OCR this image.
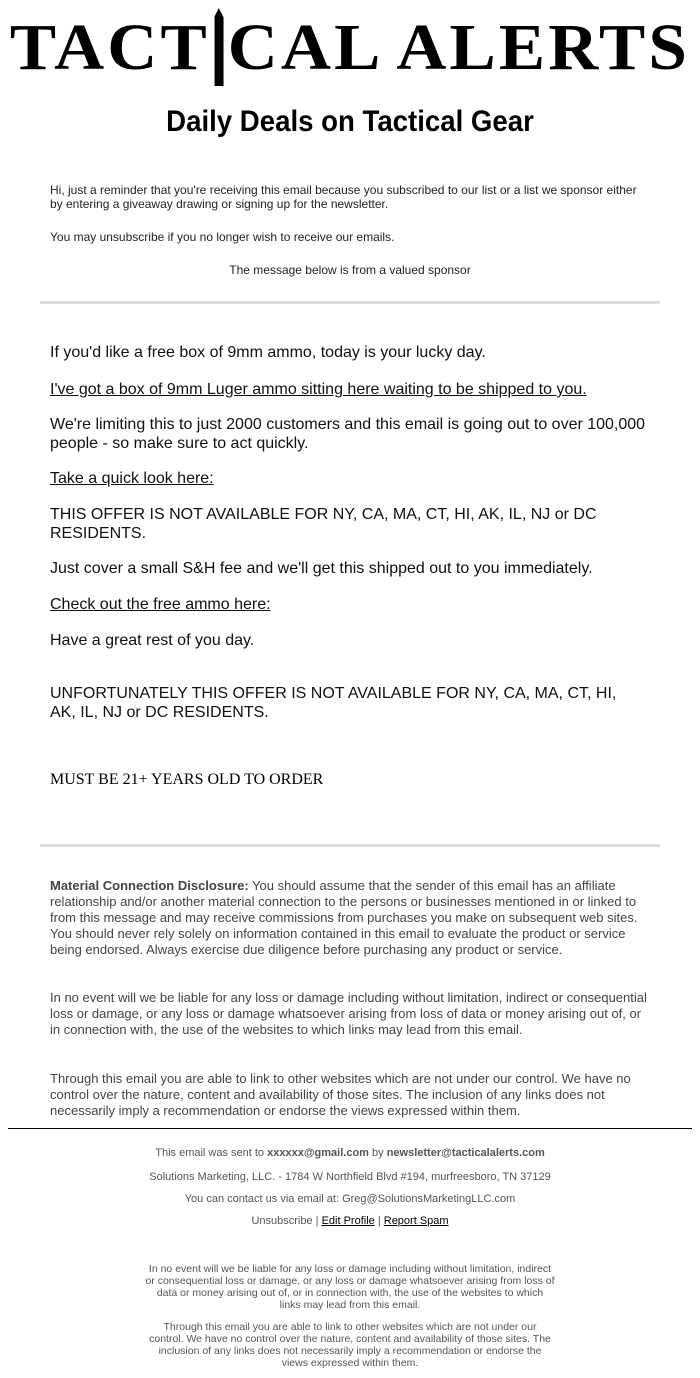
TACT CAL ALERTS
Daily Deals on Tactical Gear
Hi, just a reminder that you're receiving this email because you subscribed to our list or a list we sponsor either by entering a giveaway drawing or signing up for the newsletter.
You may unsubscribe if you no longer wish to receive our emails.
The message below is from a valued sponsor
If you'd like a free box of 9mm ammo, today is your lucky day.
I've got a box of 9mm Luger ammo sitting here waiting to be shipped to you.
We're limiting this to just 2000 customers and this email is going out to over 100,000 people - so make sure to act quickly.
Take a quick look here:
THIS OFFER IS NOT AVAILABLE FOR NY, CA, MA, CT, HI, AK, IL, NJ or DC RESIDENTS.
Just cover a small S&H fee and we'll get this shipped out to you immediately.
Check out the free ammo here:
Have a great rest of you day.
UNFORTUNATELY THIS OFFER IS NOT AVAILABLE FOR NY, CA, MA, CT, HI, AK, IL, NJ or DC RESIDENTS.
MUST BE 21+ YEARS OLD TO ORDER
Material Connection Disclosure: You should assume that the sender of this email has an affiliate relationship and/or another material connection to the persons or businesses mentioned in or linked to from this message and may receive commissions from purchases you make on subsequent web sites. You should never rely solely on information contained in this email to evaluate the product or service being endorsed. Always exercise due diligence before purchasing any product or service.
In no event will we be liable for any loss or damage including without limitation, indirect or consequential loss or damage, or any loss or damage whatsoever arising from loss of data or money arising out of, or in connection with, the use of the websites to which links may lead from this email.
Through this email you are able to link to other websites which are not under our control. We have no control over the nature, content and availability of those sites. The inclusion of any links does not necessarily imply a recommendation or endorse the views expressed within them.
This email was sent to xxxxxx@gmail.com by newsletter@tacticalalerts.com
Solutions Marketing, LLC. - 1784 W Northfield Blvd #194, murfreesboro, TN 37129
You can contact us via email at: Greg@SolutionsMarketingLLC.com
Unsubscribe | Edit Profile | Report Spam
In no event will we be liable for any loss or damage including without limitation, indirect or consequential loss or damage, or any loss or damage whatsoever arising from loss of data or money arising out of, or in connection with, the use of the websites to which links may lead from this email.
Through this email you are able to link to other websites which are not under our control. We have no control over the nature, content and availability of those sites. The inclusion of any links does not necessarily imply a recommendation or endorse the views expressed within them.
